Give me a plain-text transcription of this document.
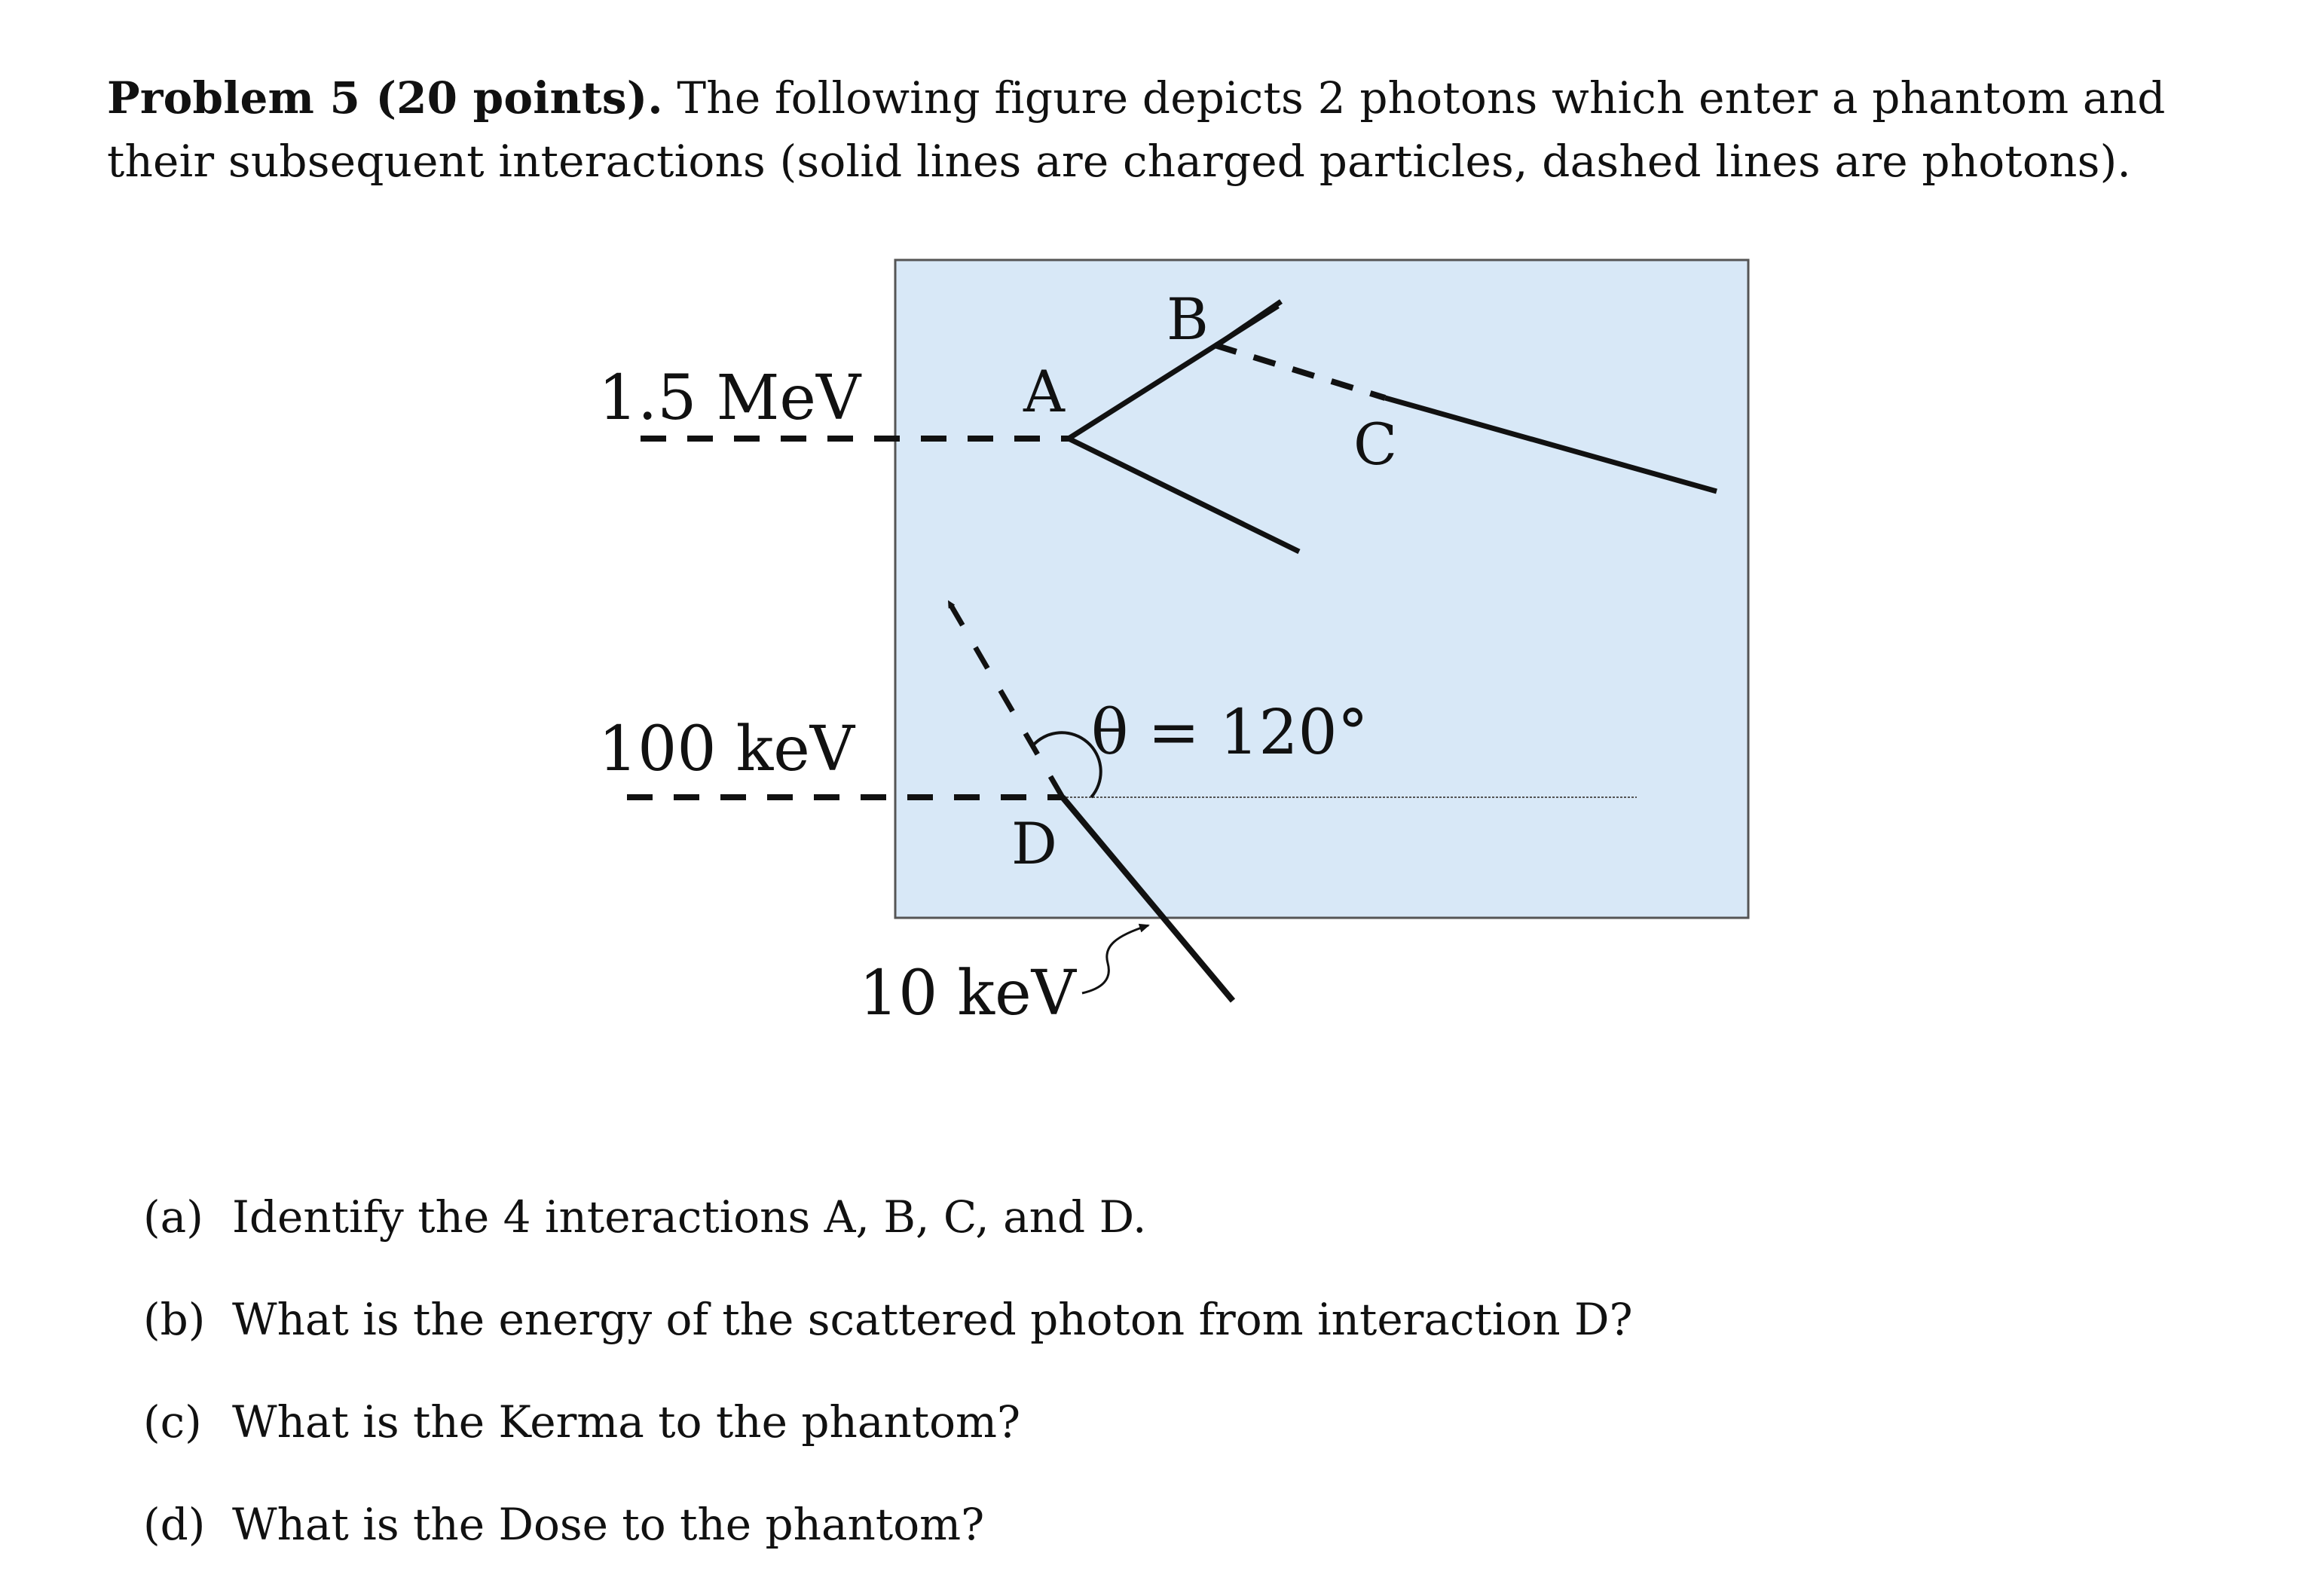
Problem 5 (20 points). The following figure depicts 2 photons which enter a phantom and their subsequent interactions (solid lines are charged particles, dashed lines are photons).
1.5 MeV
100 keV
10 keV
θ = 120°
A
B
C
D
(a) Identify the 4 interactions A, B, C, and D.
(b) What is the energy of the scattered photon from interaction D?
(c) What is the Kerma to the phantom?
(d) What is the Dose to the phantom?
